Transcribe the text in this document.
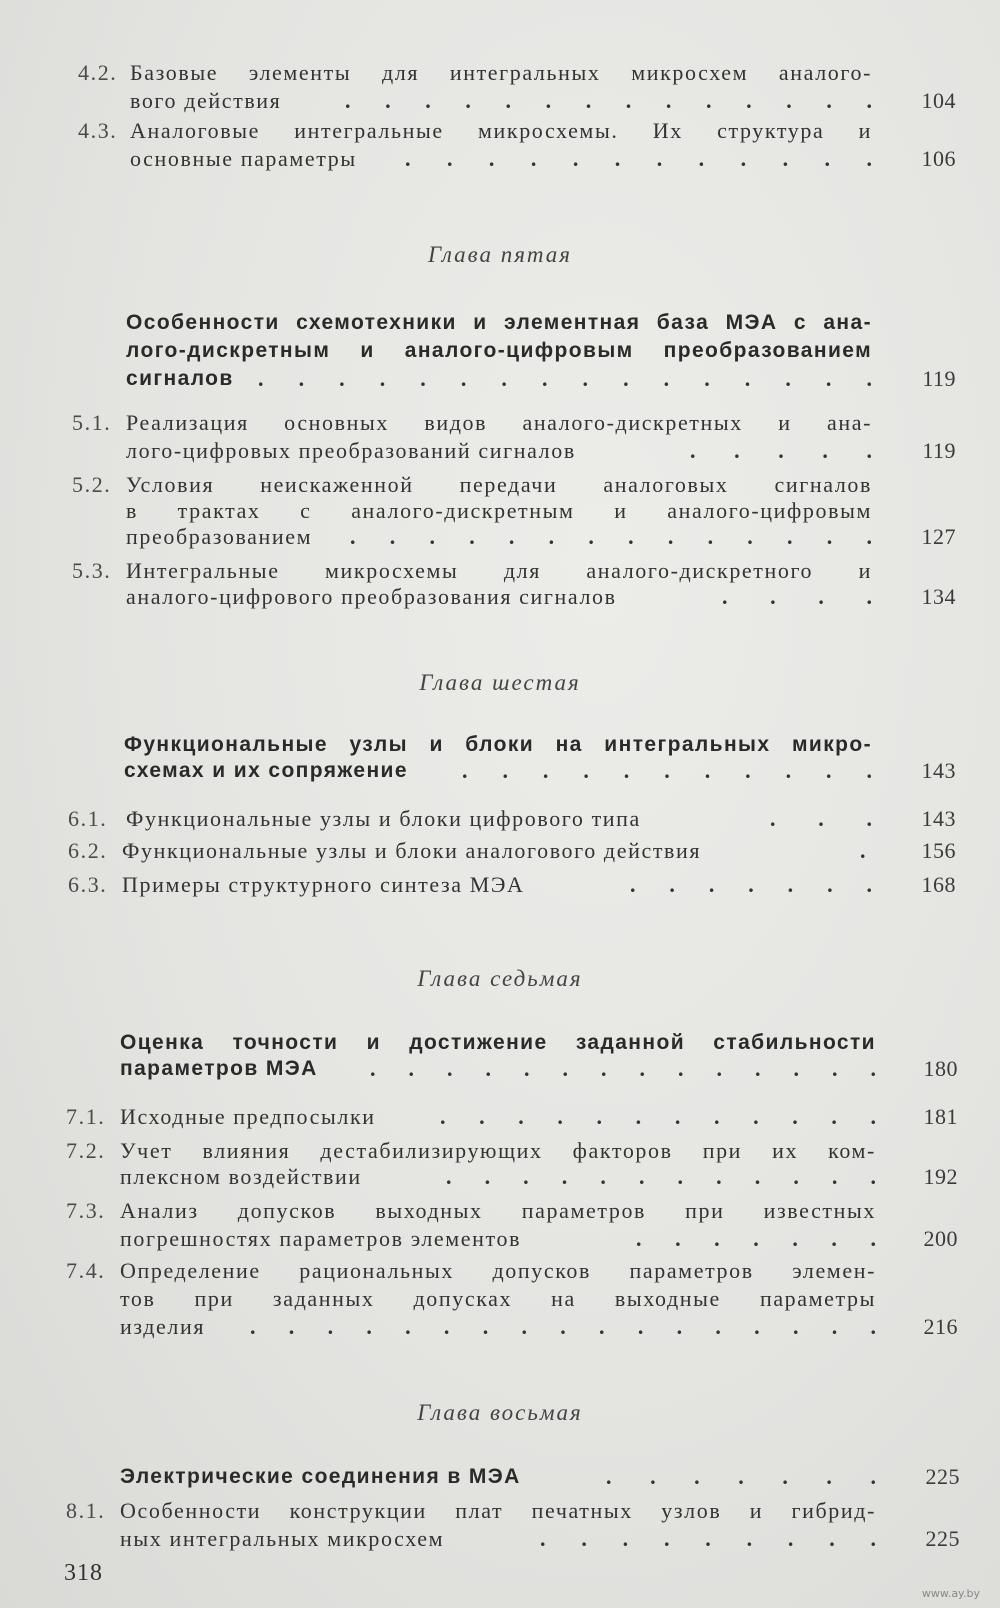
4.2. Базовые элементы для интегральных микросхем аналого-
вого действия	. . . . . . . . . . . . . .	104
4.3. Аналоговые интегральные микросхемы. Их структура и
основные параметры . . . . . . . . . . . .	106
Глава пятая
Особенности схемотехники и элементная база МЭА с ана-
лого-дискретным и аналого-цифровым преобразованием
сигналов . . . . . . . . . . . . . . . .	119
5.1. Реализация основных видов аналого-дискретных и ана-
лого-цифровых преобразований сигналов	. . . . .	119
5.2. Условия неискаженной передачи аналоговых сигналов
в трактах с аналого-дискретным и аналого-цифровым
преобразованием . . . . . . . . . . . . . .	127
5.3. Интегральные микросхемы для аналого-дискретного и
аналого-цифрового преобразования сигналов	. . . .	134
Глава шестая
Функциональные узлы и блоки на интегральных микро-
схемах и их сопряжение . . . . . . . . . . .	143
6.1. Функциональные узлы и блоки цифрового типа	. . .	143
6.2. Функциональные узлы и блоки аналогового действия	.	156
6.3. Примеры структурного синтеза МЭА	. . . . . . .	168
Глава седьмая
Оценка точности и достижение заданной стабильности
параметров МЭА . . . . . . . . . . . . . .	180
7.1. Исходные предпосылки	. . . . . . . . . . . .	181
7.2. Учет влияния дестабилизирующих факторов при их ком-
плексном воздействии	. . . . . . . . . . . .	192
7.3. Анализ допусков выходных параметров при известных
погрешностях параметров элементов	. . . . . . .	200
7.4. Определение рациональных допусков параметров элемен-
тов при заданных допусках на выходные параметры
изделия . . . . . . . . . . . . . . . . .	216
Глава восьмая
Электрические соединения в МЭА	. . . . . . .	225
8.1. Особенности конструкции плат печатных узлов и гибрид-
ных интегральных микросхем	. . . . . . . . .	225
318
www.ay.by
